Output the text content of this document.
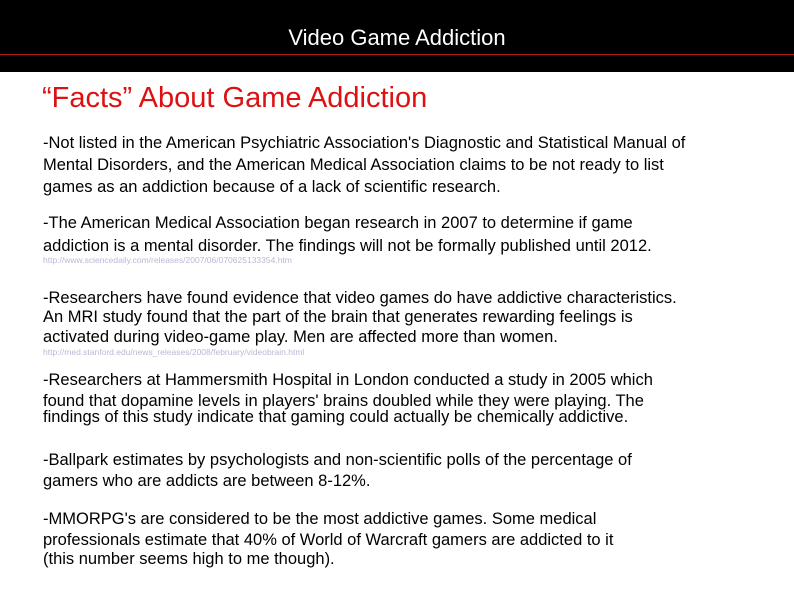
Video Game Addiction
“Facts” About Game Addiction
-Not listed in the American Psychiatric Association's Diagnostic and Statistical Manual of
Mental Disorders, and the American Medical Association claims to be not ready to list
games as an addiction because of a lack of scientific research.
-The American Medical Association began research in 2007 to determine if game
addiction is a mental disorder. The findings will not be formally published until 2012.
http://www.sciencedaily.com/releases/2007/06/070625133354.htm
-Researchers have found evidence that video games do have addictive characteristics.
An MRI study found that the part of the brain that generates rewarding feelings is
activated during video-game play. Men are affected more than women.
http://med.stanford.edu/news_releases/2008/february/videobrain.html
-Researchers at Hammersmith Hospital in London conducted a study in 2005 which
found that dopamine levels in players' brains doubled while they were playing. The
findings of this study indicate that gaming could actually be chemically addictive.
-Ballpark estimates by psychologists and non-scientific polls of the percentage of
gamers who are addicts are between 8-12%.
-MMORPG's are considered to be the most addictive games. Some medical
professionals estimate that 40% of World of Warcraft gamers are addicted to it
(this number seems high to me though).
